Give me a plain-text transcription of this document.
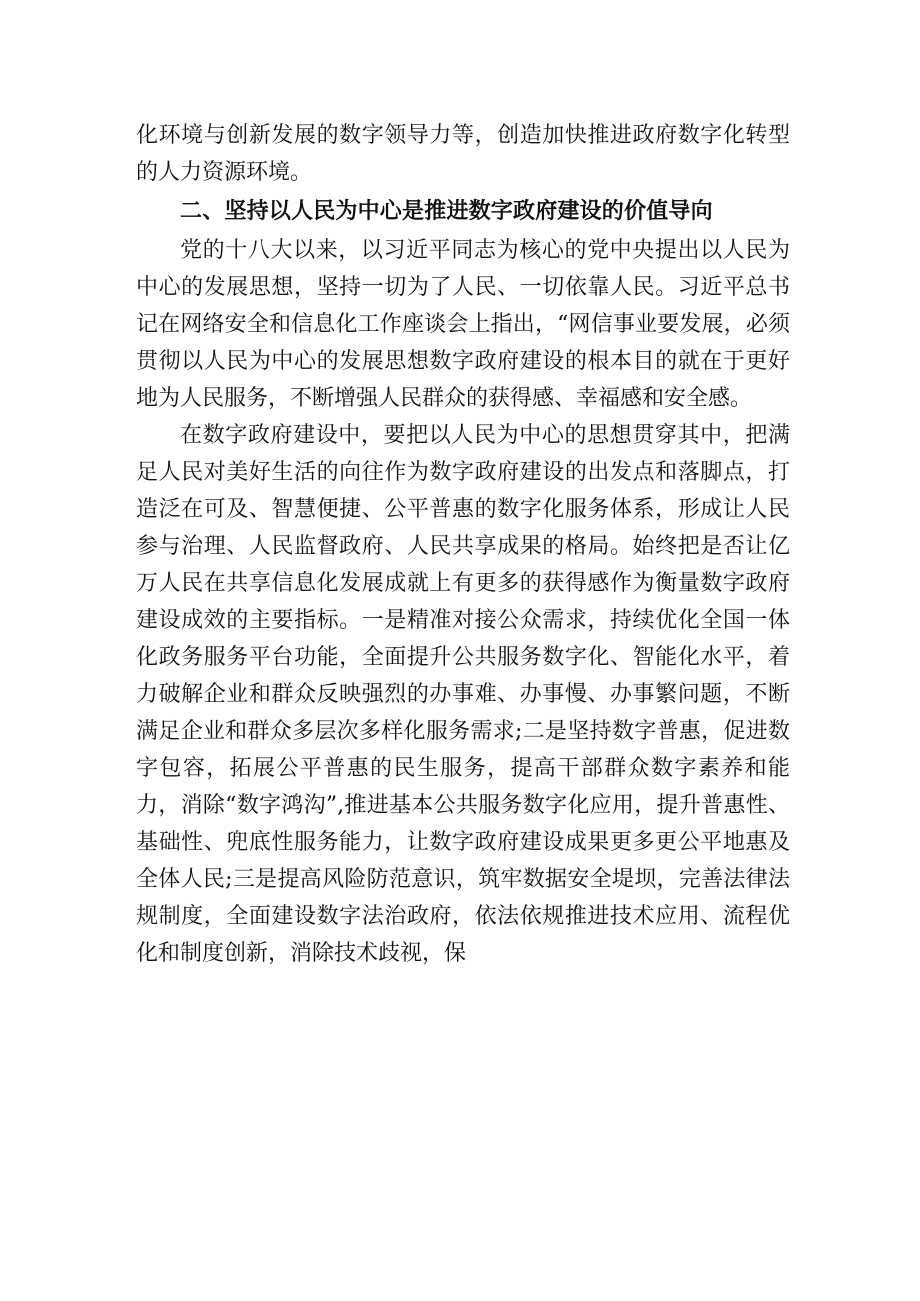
化环境与创新发展的数字领导力等，创造加快推进政府数字化转型的人力资源环境。

二、坚持以人民为中心是推进数字政府建设的价值导向

党的十八大以来，以习近平同志为核心的党中央提出以人民为中心的发展思想，坚持一切为了人民、一切依靠人民。习近平总书记在网络安全和信息化工作座谈会上指出，“网信事业要发展，必须贯彻以人民为中心的发展思想数字政府建设的根本目的就在于更好地为人民服务，不断增强人民群众的获得感、幸福感和安全感。

在数字政府建设中，要把以人民为中心的思想贯穿其中，把满足人民对美好生活的向往作为数字政府建设的出发点和落脚点，打造泛在可及、智慧便捷、公平普惠的数字化服务体系，形成让人民参与治理、人民监督政府、人民共享成果的格局。始终把是否让亿万人民在共享信息化发展成就上有更多的获得感作为衡量数字政府建设成效的主要指标。一是精准对接公众需求，持续优化全国一体化政务服务平台功能，全面提升公共服务数字化、智能化水平，着力破解企业和群众反映强烈的办事难、办事慢、办事繁问题，不断满足企业和群众多层次多样化服务需求;二是坚持数字普惠，促进数字包容，拓展公平普惠的民生服务，提高干部群众数字素养和能力，消除“数字鸿沟”,推进基本公共服务数字化应用，提升普惠性、基础性、兜底性服务能力，让数字政府建设成果更多更公平地惠及全体人民;三是提高风险防范意识，筑牢数据安全堤坝，完善法律法规制度，全面建设数字法治政府，依法依规推进技术应用、流程优化和制度创新，消除技术歧视，保
